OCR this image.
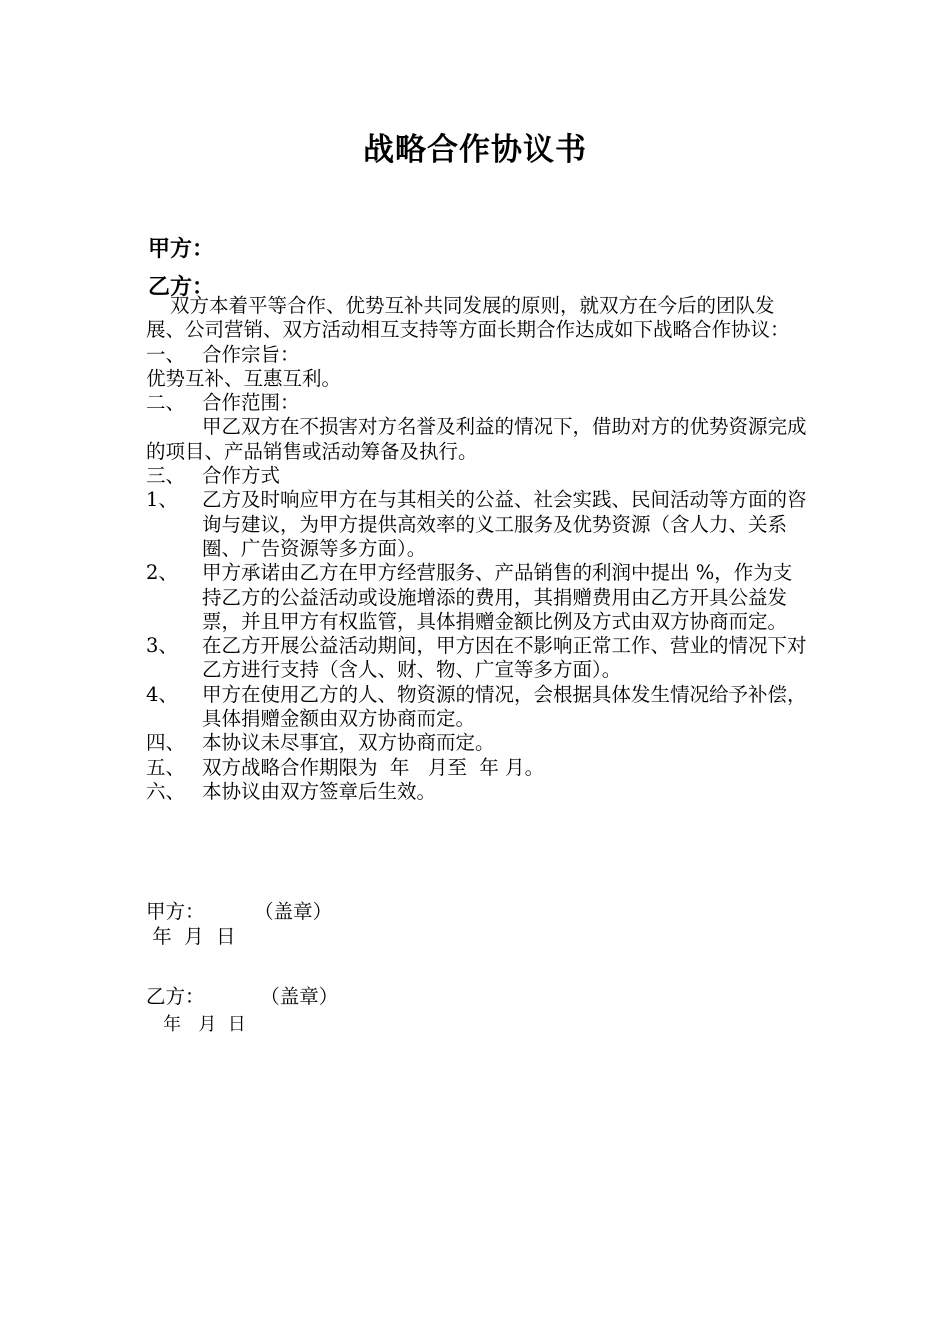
战略合作协议书
甲方：
乙方：

双方本着平等合作、优势互补共同发展的原则，就双方在今后的团队发展、公司营销、双方活动相互支持等方面长期合作达成如下战略合作协议：

一、 合作宗旨：

优势互补、互惠互利。

二、 合作范围：

甲乙双方在不损害对方名誉及利益的情况下，借助对方的优势资源完成的项目、产品销售或活动筹备及执行。

三、 合作方式
1、	乙方及时响应甲方在与其相关的公益、社会实践、民间活动等方面的咨询与建议，为甲方提供高效率的义工服务及优势资源（含人力、关系圈、广告资源等多方面）。
2、	甲方承诺由乙方在甲方经营服务、产品销售的利润中提出 %，作为支持乙方的公益活动或设施增添的费用，其捐赠费用由乙方开具公益发票，并且甲方有权监管，具体捐赠金额比例及方式由双方协商而定。
3、	在乙方开展公益活动期间，甲方因在不影响正常工作、营业的情况下对乙方进行支持（含人、财、物、广宣等多方面）。
4、	甲方在使用乙方的人、物资源的情况，会根据具体发生情况给予补偿，具体捐赠金额由双方协商而定。
四、 本协议未尽事宜，双方协商而定。
五、 双方战略合作期限为  年   月至  年 月。
六、 本协议由双方签章后生效。
甲方：        （盖章）
年  月  日
乙方：         （盖章）
年   月  日
